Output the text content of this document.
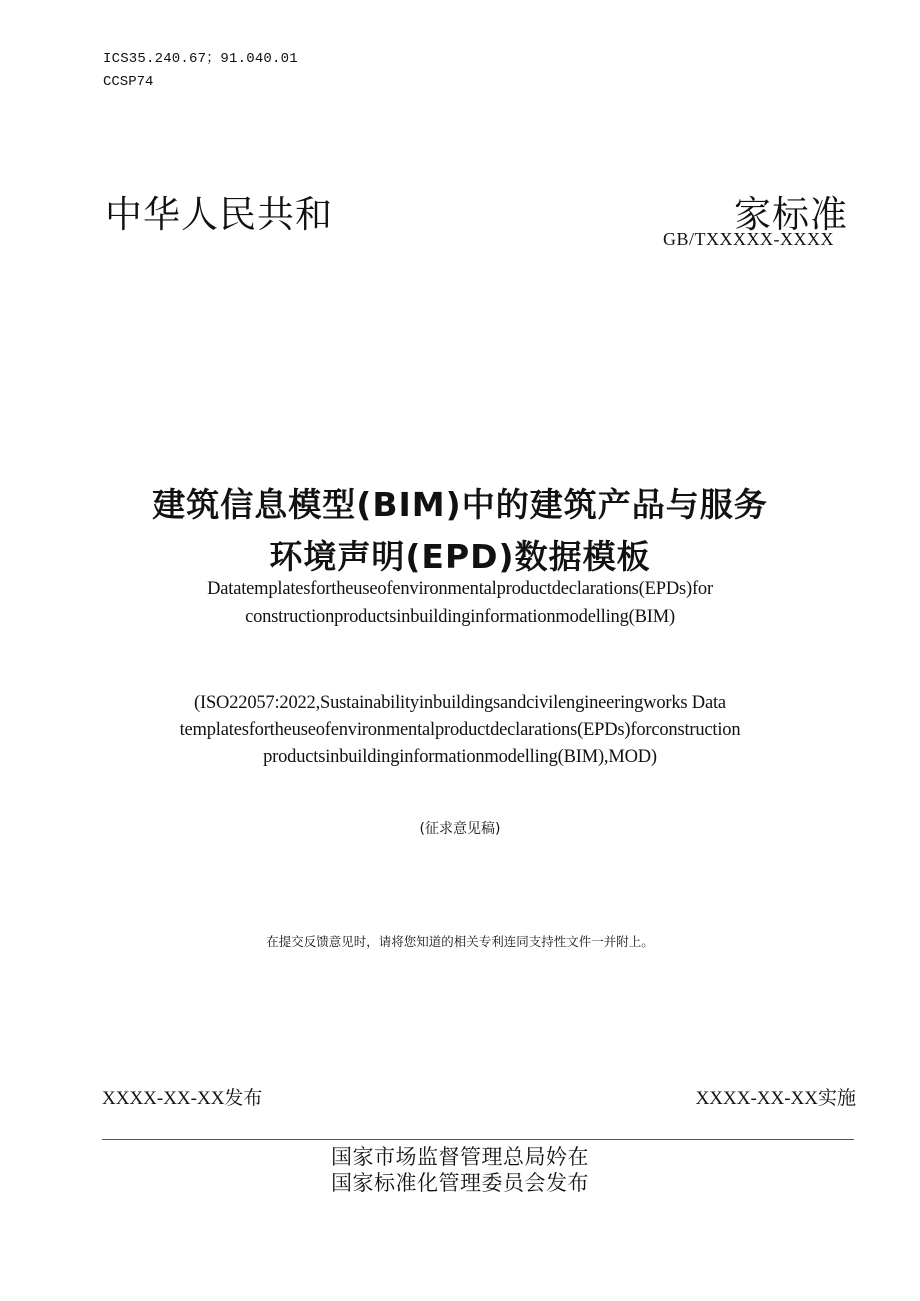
ICS35.240.67；91.040.01
CCSP74
中华人民共和	家标准
GB/TXXXXX-XXXX
建筑信息模型(BIM)中的建筑产品与服务
环境声明(EPD)数据模板
Datatemplatesfortheuseofenvironmentalproductdeclarations(EPDs)for
constructionproductsinbuildinginformationmodelling(BIM)
(ISO22057:2022,Sustainabilityinbuildingsandcivilengineeringworks Data
templatesfortheuseofenvironmentalproductdeclarations(EPDs)forconstruction
productsinbuildinginformationmodelling(BIM),MOD)
(征求意见稿)
在提交反馈意见时，请将您知道的相关专利连同支持性文件一并附上。
XXXX-XX-XX发布	XXXX-XX-XX实施
国家市场监督管理总局妗在
国家标准化管理委员会发布
